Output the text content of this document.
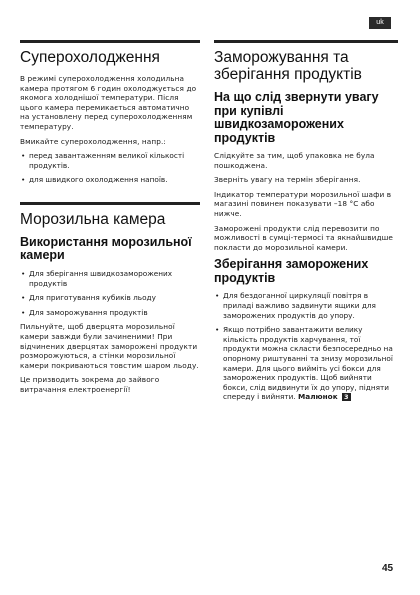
uk
Суперохолодження

В режимі суперохолодження холодильна камера протягом 6 годин охолоджується до якомога холоднішої температури. Після цього камера перемикається автоматично на установлену перед суперохолодженням температуру.

Вмикайте суперохолодження, напр.:

• перед завантаженням великої кількості продуктів.
• для швидкого охолодження напоїв.
Морозильна камера
Використання морозильної камери
• Для зберігання швидкозаморожених продуктів
• Для приготування кубиків льоду
• Для заморожування продуктів

Пильнуйте, щоб дверцята морозильної камери завжди були зачиненими! При відчинених дверцятах заморожені продукти розморожуються, а стінки морозильної камери покриваються товстим шаром льоду.

Це призводить зокрема до зайвого витрачання електроенергії!

Заморожування та зберігання продуктів
На що слід звернути увагу при купівлі швидкозаморожених продуктів

Слідкуйте за тим, щоб упаковка не була пошкоджена.

Зверніть увагу на термін зберігання.

Індикатор температури морозильної шафи в магазині повинен показувати –18 °C або нижче.

Заморожені продукти слід перевозити по можливості в сумці-термосі та якнайшвидше покласти до морозильної камери.

Зберігання заморожених продуктів
• Для бездоганної циркуляції повітря в приладі важливо задвинути ящики для заморожених продуктів до упору.
• Якщо потрібно завантажити велику кількість продуктів харчування, тої продукти можна скласти безпосередньо на опорному риштуванні та знизу морозильної камери. Для цього вийміть усі бокси для заморожених продуктів. Щоб вийняти бокси, слід видвинути їх до упору, підняти спереду і вийняти. Малюнок 3
45
